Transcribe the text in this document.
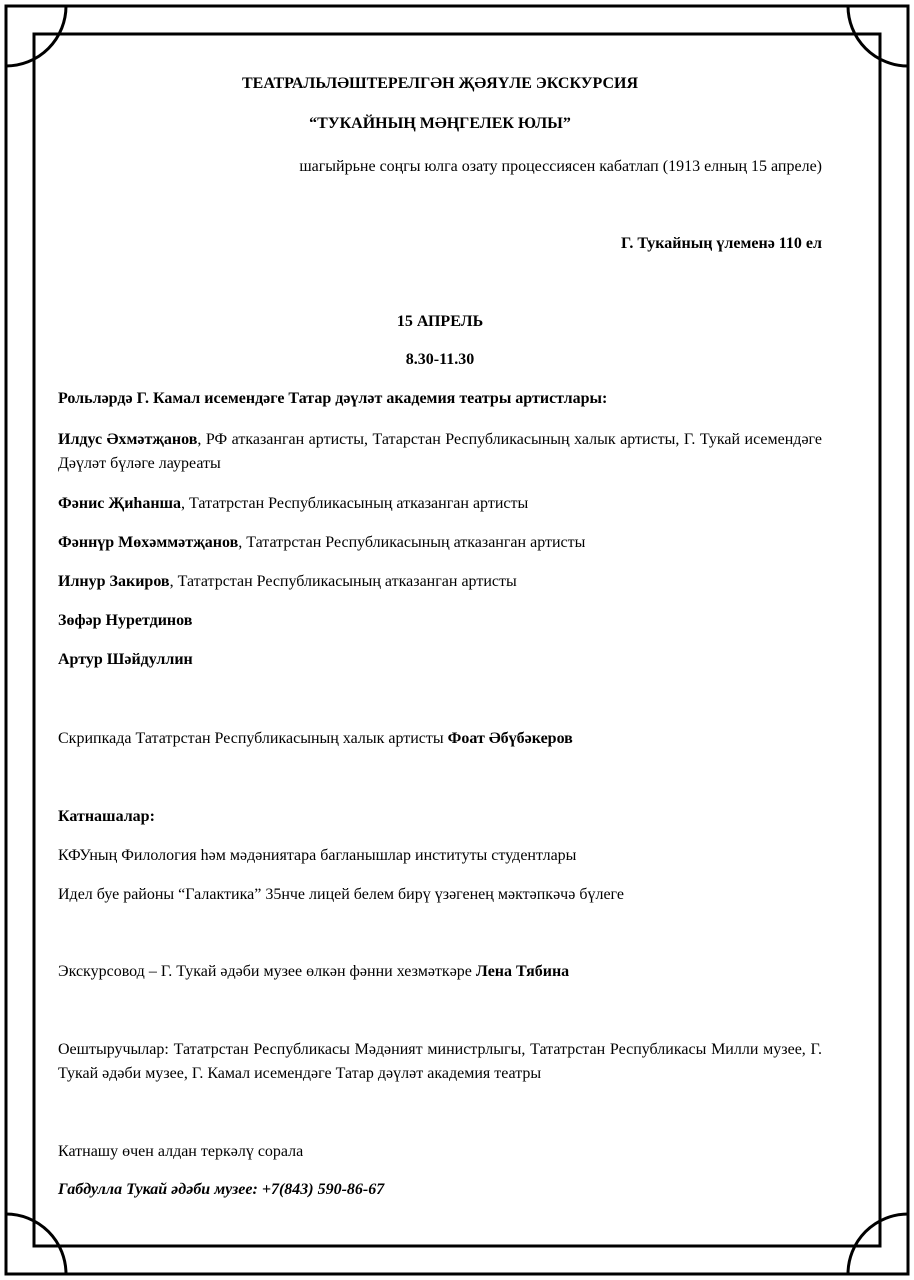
ТЕАТРАЛЬЛӘШТЕРЕЛГӘН ҖӘЯҮЛЕ ЭКСКУРСИЯ
“ТУКАЙНЫҢ МӘҢГЕЛЕК ЮЛЫ”
шагыйрьне соңгы юлга озату процессиясен кабатлап (1913 елның 15 апреле)
Г. Тукайның үлеменә 110 ел
15 АПРЕЛЬ
8.30-11.30
Рольләрдә Г. Камал исемендәге Татар дәүләт академия театры артистлары:
Илдус Әхмәтҗанов, РФ атказанган артисты, Татарстан Республикасының халык артисты, Г. Тукай исемендәге Дәүләт бүләге лауреаты
Фәнис Җиһанша, Тататрстан Республикасының атказанган артисты
Фәннүр Мөхәммәтҗанов, Тататрстан Республикасының атказанган артисты
Илнур Закиров, Тататрстан Республикасының атказанган артисты
Зөфәр Нуретдинов
Артур Шәйдуллин
Скрипкада Тататрстан Республикасының халык артисты Фоат Әбүбәкеров
Катнашалар:
КФУның Филология һәм мәдәниятара багланышлар институты студентлары
Идел буе районы “Галактика” 35нче лицей белем бирү үзәгенең мәктәпкәчә бүлеге
Экскурсовод – Г. Тукай әдәби музее өлкән фәнни хезмәткәре Лена Тябина
Оештыручылар: Тататрстан Республикасы Мәдәният министрлыгы, Тататрстан Республикасы Милли музее, Г. Тукай әдәби музее, Г. Камал исемендәге Татар дәүләт академия театры
Катнашу өчен алдан теркәлү сорала
Габдулла Тукай әдәби музее: +7(843) 590-86-67
